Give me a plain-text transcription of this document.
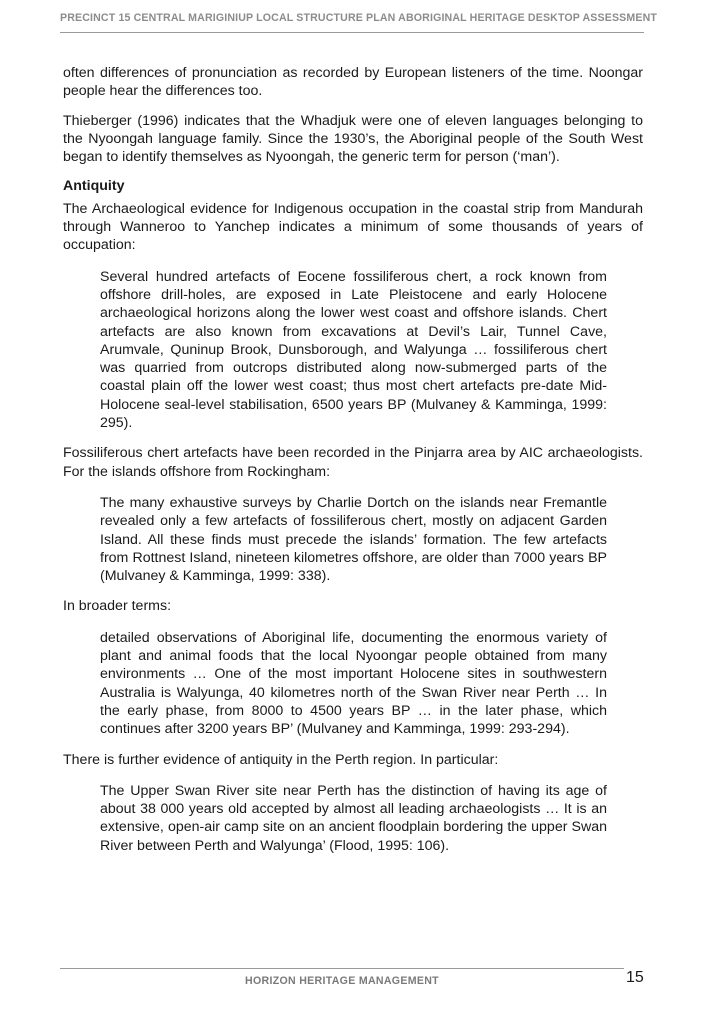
PRECINCT 15 CENTRAL MARIGINIUP LOCAL STRUCTURE PLAN ABORIGINAL HERITAGE DESKTOP ASSESSMENT

often differences of pronunciation as recorded by European listeners of the time. Noongar people hear the differences too.

Thieberger (1996) indicates that the Whadjuk were one of eleven languages belonging to the Nyoongah language family. Since the 1930’s, the Aboriginal people of the South West began to identify themselves as Nyoongah, the generic term for person (‘man’).

Antiquity

The Archaeological evidence for Indigenous occupation in the coastal strip from Mandurah through Wanneroo to Yanchep indicates a minimum of some thousands of years of occupation:

Several hundred artefacts of Eocene fossiliferous chert, a rock known from offshore drill-holes, are exposed in Late Pleistocene and early Holocene archaeological horizons along the lower west coast and offshore islands. Chert artefacts are also known from excavations at Devil’s Lair, Tunnel Cave, Arumvale, Quninup Brook, Dunsborough, and Walyunga … fossiliferous chert was quarried from outcrops distributed along now-submerged parts of the coastal plain off the lower west coast; thus most chert artefacts pre-date Mid-Holocene seal-level stabilisation, 6500 years BP (Mulvaney & Kamminga, 1999: 295).

Fossiliferous chert artefacts have been recorded in the Pinjarra area by AIC archaeologists. For the islands offshore from Rockingham:

The many exhaustive surveys by Charlie Dortch on the islands near Fremantle revealed only a few artefacts of fossiliferous chert, mostly on adjacent Garden Island. All these finds must precede the islands’ formation. The few artefacts from Rottnest Island, nineteen kilometres offshore, are older than 7000 years BP (Mulvaney & Kamminga, 1999: 338).

In broader terms:

detailed observations of Aboriginal life, documenting the enormous variety of plant and animal foods that the local Nyoongar people obtained from many environments … One of the most important Holocene sites in southwestern Australia is Walyunga, 40 kilometres north of the Swan River near Perth … In the early phase, from 8000 to 4500 years BP … in the later phase, which continues after 3200 years BP’ (Mulvaney and Kamminga, 1999: 293-294).

There is further evidence of antiquity in the Perth region. In particular:

The Upper Swan River site near Perth has the distinction of having its age of about 38 000 years old accepted by almost all leading archaeologists … It is an extensive, open-air camp site on an ancient floodplain bordering the upper Swan River between Perth and Walyunga’ (Flood, 1995: 106).

HORIZON HERITAGE MANAGEMENT	15
